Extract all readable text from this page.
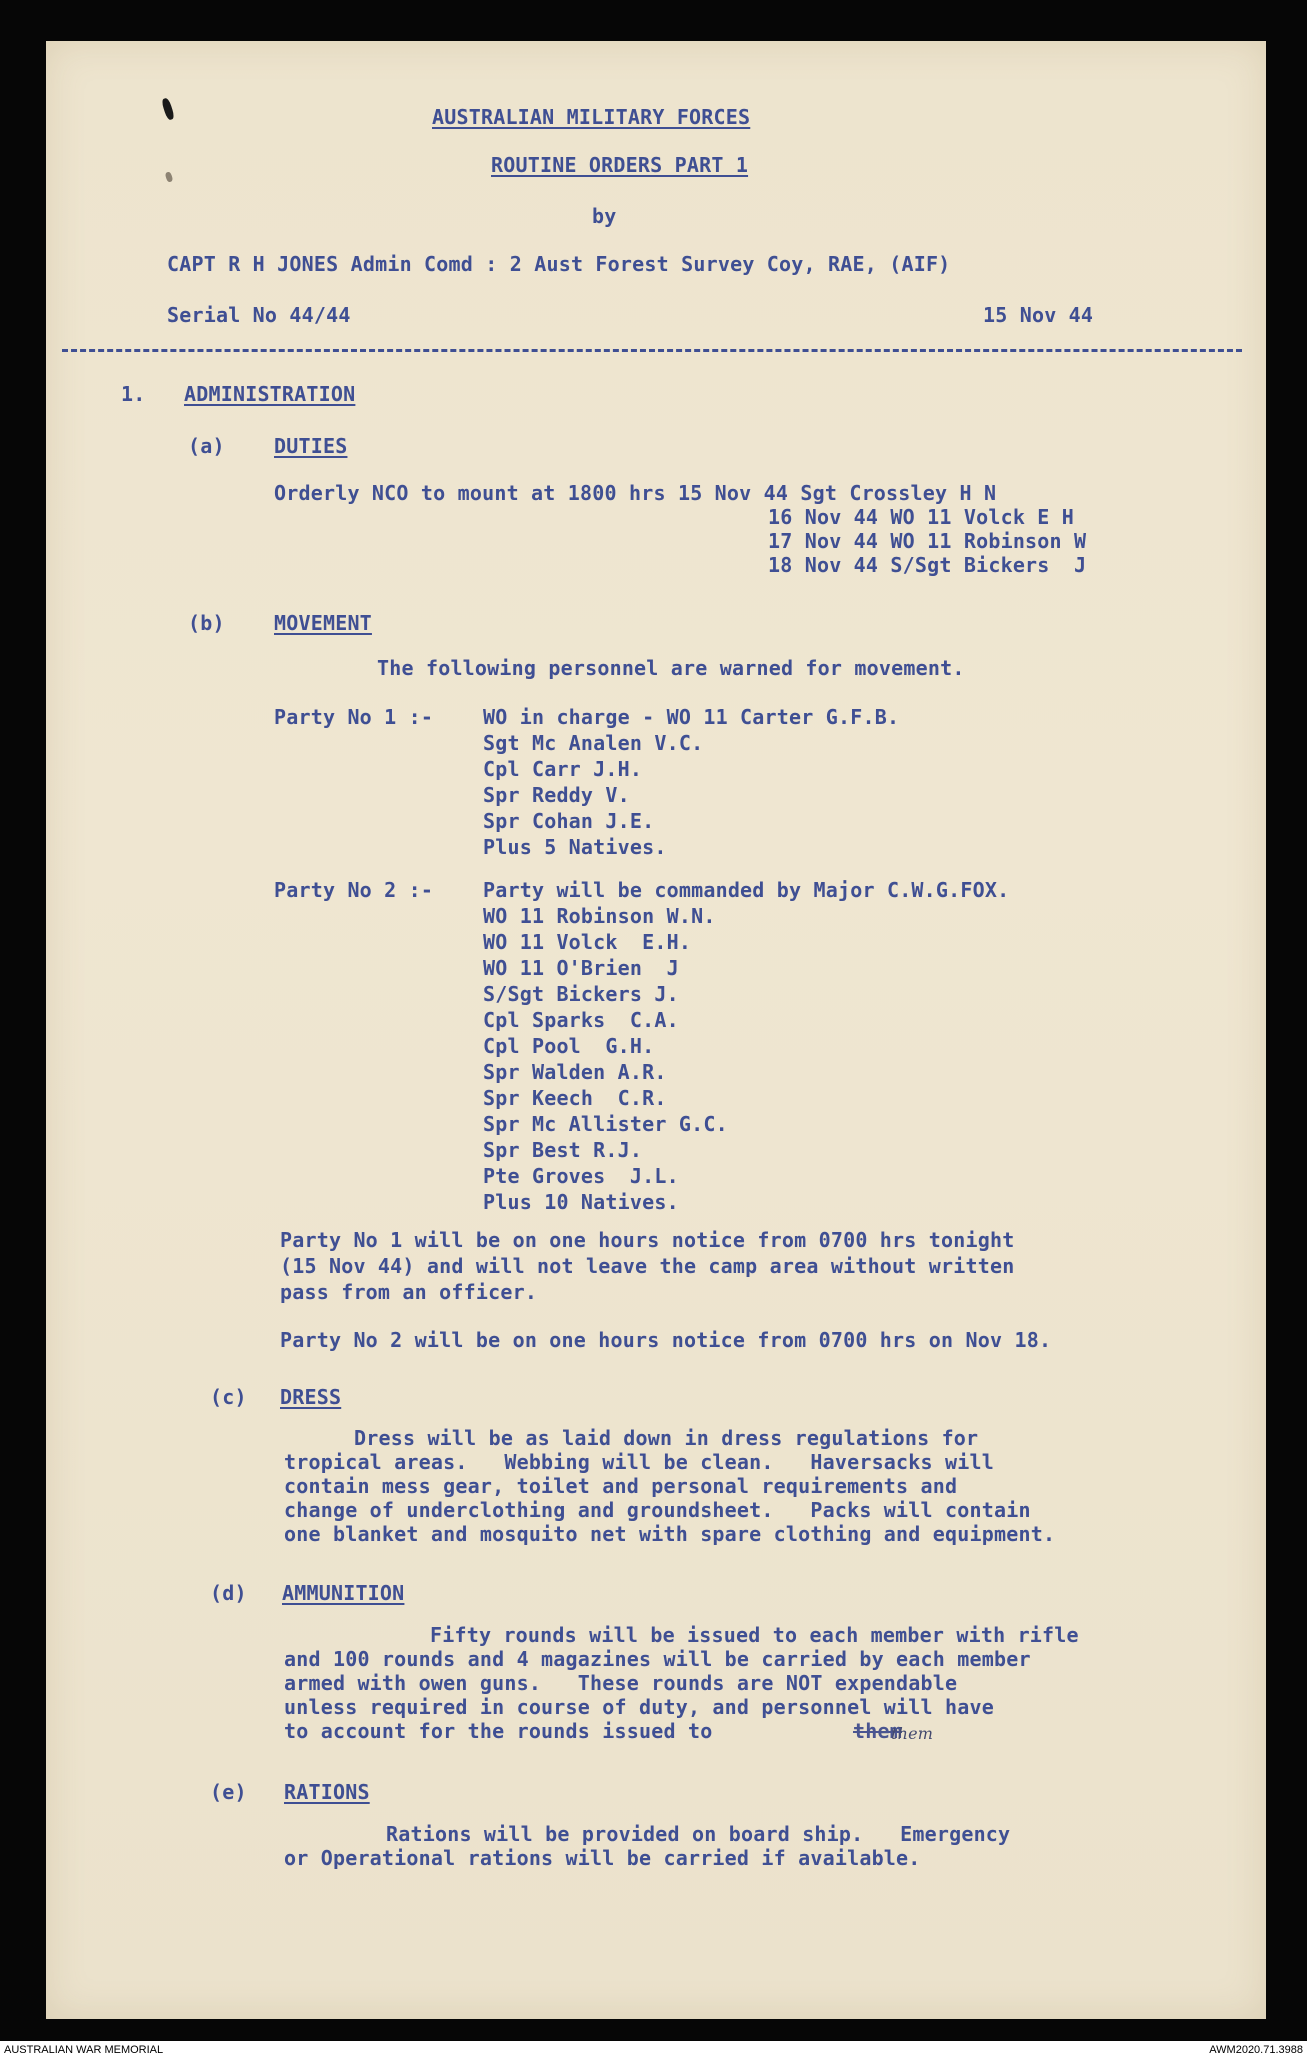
AUSTRALIAN MILITARY FORCES
ROUTINE ORDERS PART 1
by
CAPT R H JONES Admin Comd : 2 Aust Forest Survey Coy, RAE, (AIF)
Serial No 44/44	15 Nov 44
1. ADMINISTRATION
(a) DUTIES
Orderly NCO to mount at 1800 hrs 15 Nov 44 Sgt Crossley H N
16 Nov 44 WO 11 Volck E H
17 Nov 44 WO 11 Robinson W
18 Nov 44 S/Sgt Bickers  J
(b) MOVEMENT
The following personnel are warned for movement.
Party No 1 :- WO in charge - WO 11 Carter G.F.B.
Sgt Mc Analen V.C.
Cpl Carr J.H.
Spr Reddy V.
Spr Cohan J.E.
Plus 5 Natives.
Party No 2 :- Party will be commanded by Major C.W.G.FOX.
WO 11 Robinson W.N.
WO 11 Volck  E.H.
WO 11 O'Brien  J
S/Sgt Bickers J.
Cpl Sparks  C.A.
Cpl Pool  G.H.
Spr Walden A.R.
Spr Keech  C.R.
Spr Mc Allister G.C.
Spr Best R.J.
Pte Groves  J.L.
Plus 10 Natives.
Party No 1 will be on one hours notice from 0700 hrs tonight
(15 Nov 44) and will not leave the camp area without written
pass from an officer.
Party No 2 will be on one hours notice from 0700 hrs on Nov 18.
(c) DRESS
Dress will be as laid down in dress regulations for
tropical areas.   Webbing will be clean.   Haversacks will
contain mess gear, toilet and personal requirements and
change of underclothing and groundsheet.   Packs will contain
one blanket and mosquito net with spare clothing and equipment.
(d) AMMUNITION
Fifty rounds will be issued to each member with rifle
and 100 rounds and 4 magazines will be carried by each member
armed with owen guns.   These rounds are NOT expendable
unless required in course of duty, and personnel will have
to account for the rounds issued to	them
them
(e) RATIONS
Rations will be provided on board ship.   Emergency
or Operational rations will be carried if available.
AUSTRALIAN WAR MEMORIAL	AWM2020.71.3988
